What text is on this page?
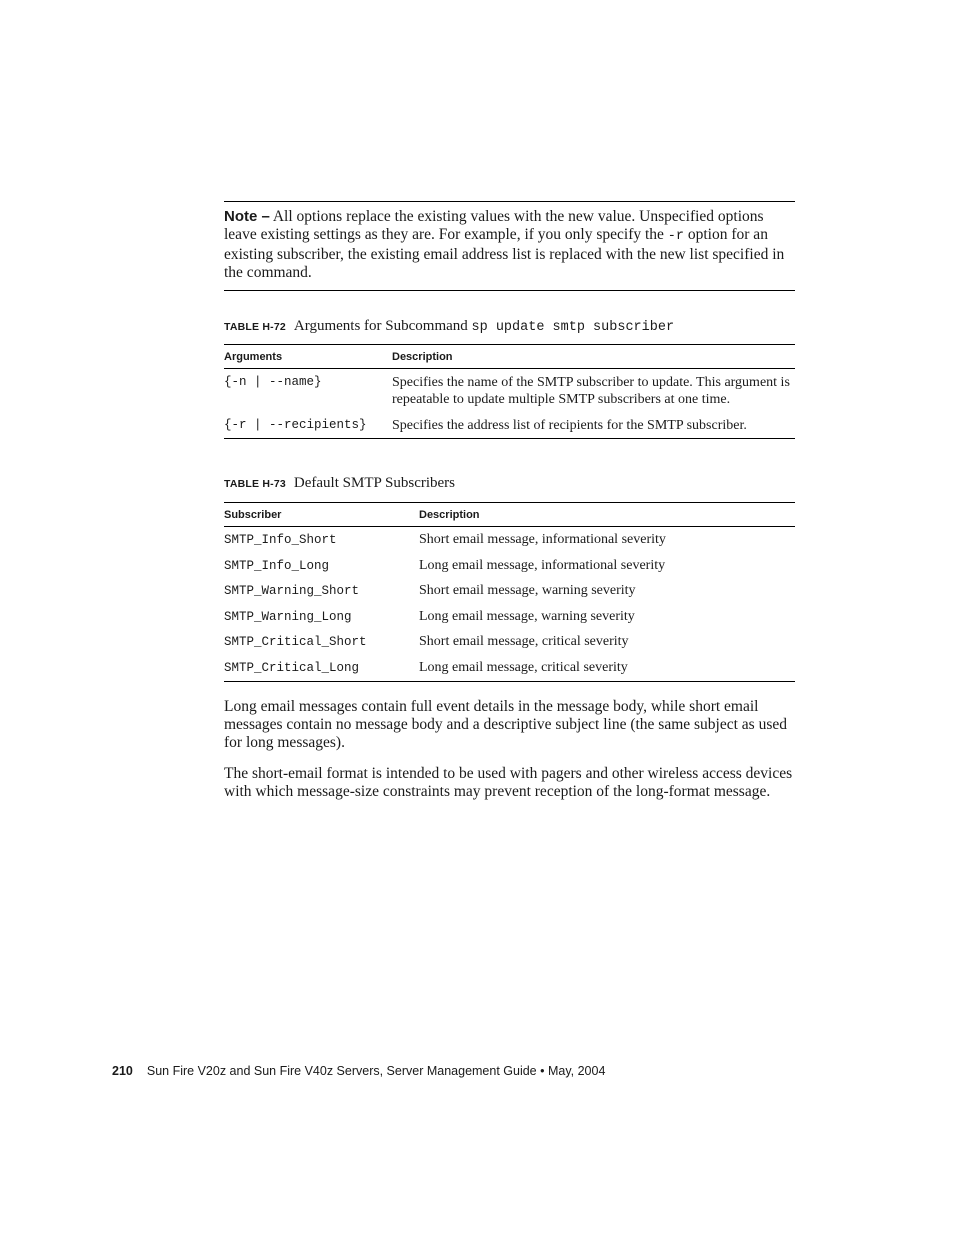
Note – All options replace the existing values with the new value. Unspecified options leave existing settings as they are. For example, if you only specify the -r option for an existing subscriber, the existing email address list is replaced with the new list specified in the command.
TABLE H-72 Arguments for Subcommand sp update smtp subscriber
Arguments	Description
{-n | --name}	Specifies the name of the SMTP subscriber to update. This argument is repeatable to update multiple SMTP subscribers at one time.
{-r | --recipients}	Specifies the address list of recipients for the SMTP subscriber.
TABLE H-73 Default SMTP Subscribers
Subscriber	Description
SMTP_Info_Short	Short email message, informational severity
SMTP_Info_Long	Long email message, informational severity
SMTP_Warning_Short	Short email message, warning severity
SMTP_Warning_Long	Long email message, warning severity
SMTP_Critical_Short	Short email message, critical severity
SMTP_Critical_Long	Long email message, critical severity
Long email messages contain full event details in the message body, while short email messages contain no message body and a descriptive subject line (the same subject as used for long messages).
The short-email format is intended to be used with pagers and other wireless access devices with which message-size constraints may prevent reception of the long-format message.
210 Sun Fire V20z and Sun Fire V40z Servers, Server Management Guide • May, 2004
